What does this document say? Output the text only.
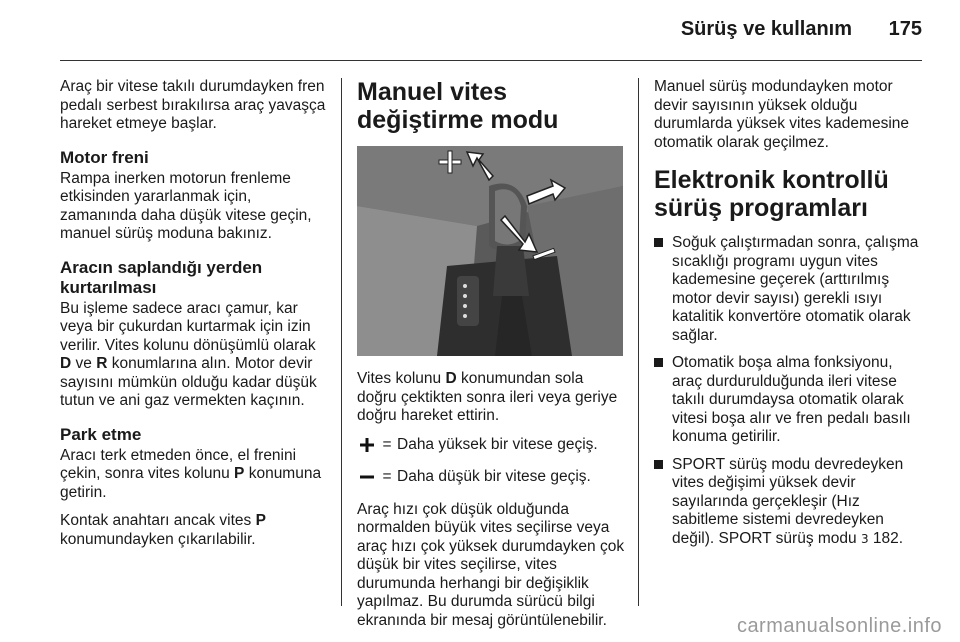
Sürüş ve kullanım 175

Araç bir vitese takılı durumdayken fren pedalı serbest bırakılırsa araç yavaşça hareket etmeye başlar.

Motor freni

Rampa inerken motorun frenleme etkisinden yararlanmak için, zamanında daha düşük vitese geçin, manuel sürüş moduna bakınız.

Aracın saplandığı yerden kurtarılması

Bu işleme sadece aracı çamur, kar veya bir çukurdan kurtarmak için izin verilir. Vites kolunu dönüşümlü olarak D ve R konumlarına alın. Motor devir sayısını mümkün olduğu kadar düşük tutun ve ani gaz vermekten kaçının.

Park etme

Aracı terk etmeden önce, el frenini çekin, sonra vites kolunu P konumuna getirin.

Kontak anahtarı ancak vites P konumundayken çıkarılabilir.

Manuel vites değiştirme modu

Vites kolunu D konumundan sola doğru çektikten sonra ileri veya geriye doğru hareket ettirin.

= Daha yüksek bir vitese geçiş.
= Daha düşük bir vitese geçiş.

Araç hızı çok düşük olduğunda normalden büyük vites seçilirse veya araç hızı çok yüksek durumdayken çok düşük bir vites seçilirse, vites durumunda herhangi bir değişiklik yapılmaz. Bu durumda sürücü bilgi ekranında bir mesaj görüntülenebilir.

Manuel sürüş modundayken motor devir sayısının yüksek olduğu durumlarda yüksek vites kademesine otomatik olarak geçilmez.

Elektronik kontrollü sürüş programları
Soğuk çalıştırmadan sonra, çalışma sıcaklığı programı uygun vites kademesine geçerek (arttırılmış motor devir sayısı) gerekli ısıyı katalitik konvertöre otomatik olarak sağlar.
Otomatik boşa alma fonksiyonu, araç durdurulduğunda ileri vitese takılı durumdaysa otomatik olarak vitesi boşa alır ve fren pedalı basılı konuma getirilir.
SPORT sürüş modu devredeyken vites değişimi yüksek devir sayılarında gerçekleşir (Hız sabitleme sistemi devredeyken değil). SPORT sürüş modu 3 182.
carmanualsonline.info
